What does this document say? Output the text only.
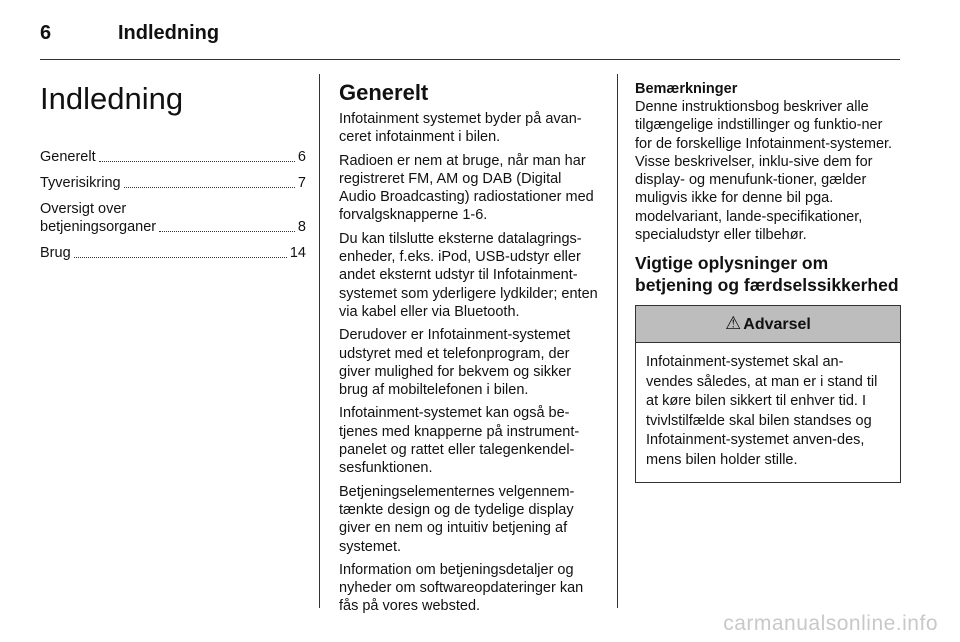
6	Indledning
Indledning
Generelt	6
Tyverisikring	7
Oversigt over
betjeningsorganer	8
Brug	14
Generelt

Infotainment systemet byder på avan-ceret infotainment i bilen.

Radioen er nem at bruge, når man har registreret FM, AM og DAB (Digital Audio Broadcasting) radiostationer med forvalgsknapperne 1-6.

Du kan tilslutte eksterne datalagrings-enheder, f.eks. iPod, USB-udstyr eller andet eksternt udstyr til Infotainment-systemet som yderligere lydkilder; enten via kabel eller via Bluetooth.

Derudover er Infotainment-systemet udstyret med et telefonprogram, der giver mulighed for bekvem og sikker brug af mobiltelefonen i bilen.

Infotainment-systemet kan også be-tjenes med knapperne på instrument-panelet og rattet eller talegenkendel-sesfunktionen.

Betjeningselementernes velgennem-tænkte design og de tydelige display giver en nem og intuitiv betjening af systemet.

Information om betjeningsdetaljer og nyheder om softwareopdateringer kan fås på vores websted.

Bemærkninger

Denne instruktionsbog beskriver alle tilgængelige indstillinger og funktio-ner for de forskellige Infotainment-systemer. Visse beskrivelser, inklu-sive dem for display- og menufunk-tioner, gælder muligvis ikke for denne bil pga. modelvariant, lande-specifikationer, specialudstyr eller tilbehør.

Vigtige oplysninger om betjening og færdselssikkerhed
⚠ Advarsel
Infotainment-systemet skal an-vendes således, at man er i stand til at køre bilen sikkert til enhver tid. I tvivlstilfælde skal bilen standses og Infotainment-systemet anven-des, mens bilen holder stille.
carmanualsonline.info
